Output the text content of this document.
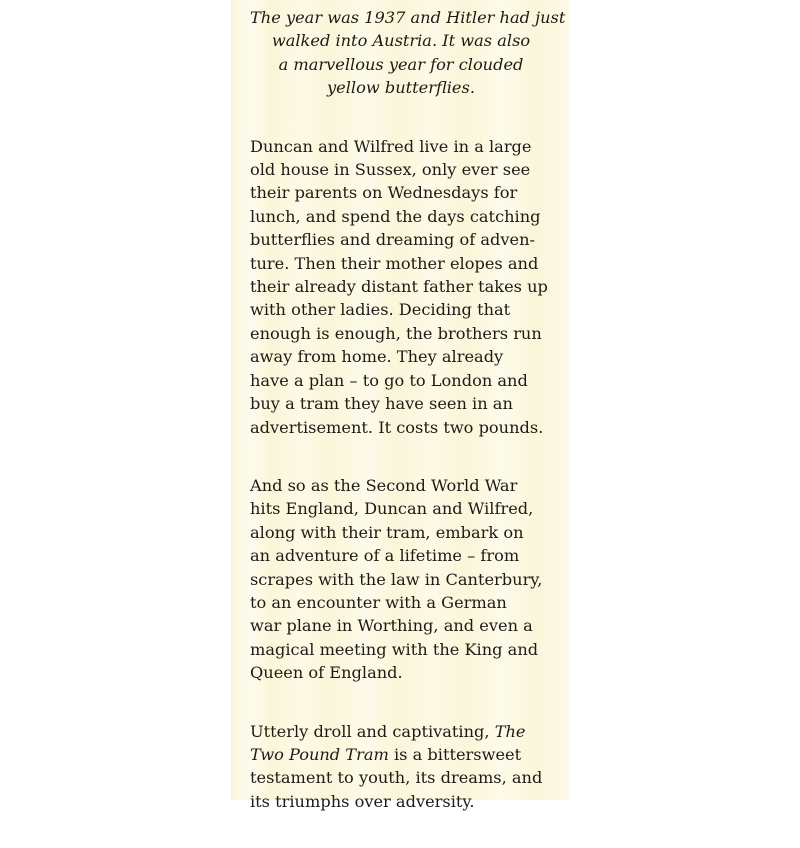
The year was 1937 and Hitler had just
walked into Austria. It was also
a marvellous year for clouded
yellow butterflies.
Duncan and Wilfred live in a large
old house in Sussex, only ever see
their parents on Wednesdays for
lunch, and spend the days catching
butterflies and dreaming of adven-
ture. Then their mother elopes and
their already distant father takes up
with other ladies. Deciding that
enough is enough, the brothers run
away from home. They already
have a plan – to go to London and
buy a tram they have seen in an
advertisement. It costs two pounds.
And so as the Second World War
hits England, Duncan and Wilfred,
along with their tram, embark on
an adventure of a lifetime – from
scrapes with the law in Canterbury,
to an encounter with a German
war plane in Worthing, and even a
magical meeting with the King and
Queen of England.
Utterly droll and captivating, The
Two Pound Tram is a bittersweet
testament to youth, its dreams, and
its triumphs over adversity.
